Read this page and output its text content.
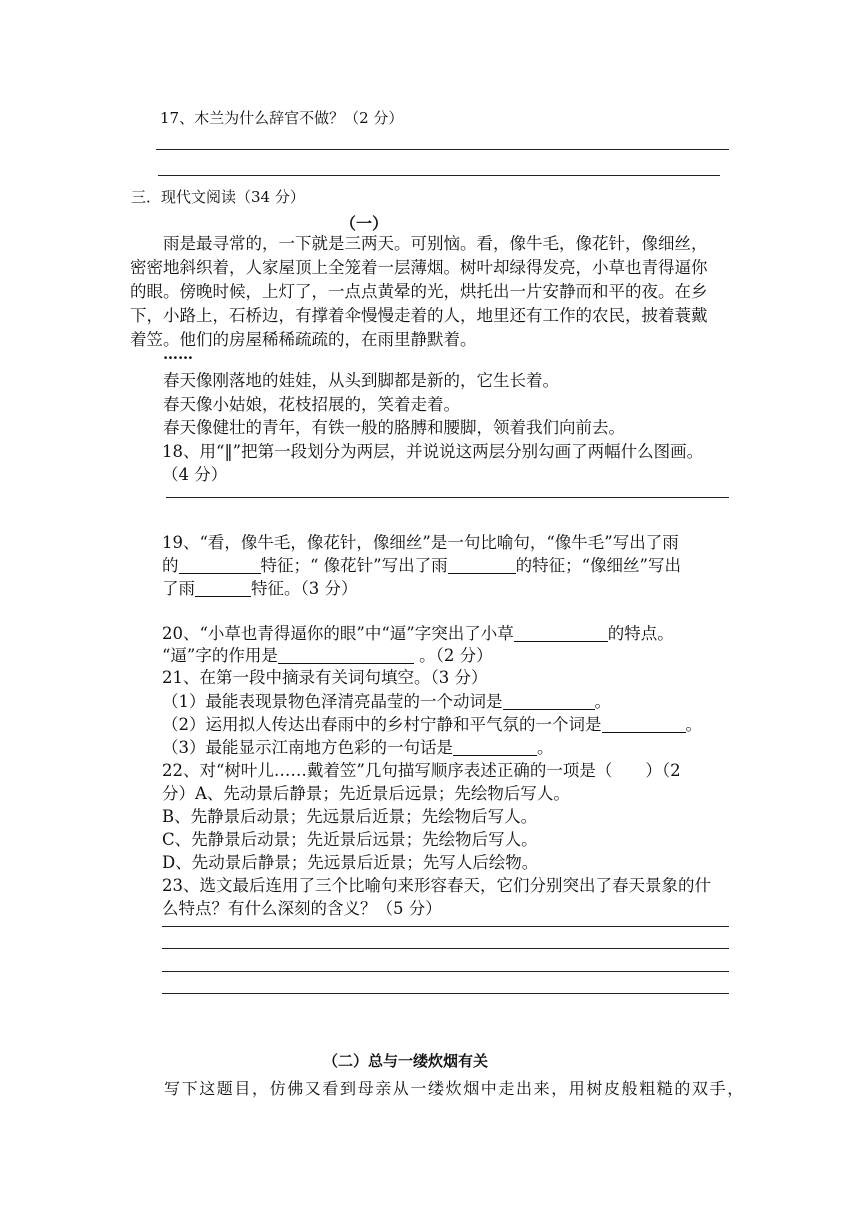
17、木兰为什么辞官不做？（2 分）
三．现代文阅读（34 分）
（一）
　　雨是最寻常的，一下就是三两天。可别恼。看，像牛毛，像花针，像细丝，
密密地斜织着，人家屋顶上全笼着一层薄烟。树叶却绿得发亮，小草也青得逼你
的眼。傍晚时候，上灯了，一点点黄晕的光，烘托出一片安静而和平的夜。在乡
下，小路上，石桥边，有撑着伞慢慢走着的人，地里还有工作的农民，披着蓑戴
着笠。他们的房屋稀稀疏疏的，在雨里静默着。
……
春天像刚落地的娃娃，从头到脚都是新的，它生长着。
春天像小姑娘，花枝招展的，笑着走着。
春天像健壮的青年，有铁一般的胳膊和腰脚，领着我们向前去。
18、用“‖”把第一段划分为两层，并说说这两层分别勾画了两幅什么图画。
（4 分）
19、“看，像牛毛，像花针，像细丝”是一句比喻句，“像牛毛”写出了雨
的	特征；“ 像花针”写出了雨	的特征；“像细丝”写出
了雨	特征。（3 分）
20、“小草也青得逼你的眼”中“逼”字突出了小草	的特点。
“逼”字的作用是	。（2 分）
21、在第一段中摘录有关词句填空。（3 分）
（1）最能表现景物色泽清亮晶莹的一个动词是	。
（2）运用拟人传达出春雨中的乡村宁静和平气氛的一个词是	。
（3）最能显示江南地方色彩的一句话是	。
22、对“树叶儿……戴着笠”几句描写顺序表述正确的一项是（　　）（2
分）A、先动景后静景；先近景后远景；先绘物后写人。
B、先静景后动景；先远景后近景；先绘物后写人。
C、先静景后动景；先近景后远景；先绘物后写人。
D、先动景后静景；先远景后近景；先写人后绘物。
23、选文最后连用了三个比喻句来形容春天，它们分别突出了春天景象的什
么特点？有什么深刻的含义？（5 分）
（二）总与一缕炊烟有关
写下这题目，仿佛又看到母亲从一缕炊烟中走出来，用树皮般粗糙的双手，
